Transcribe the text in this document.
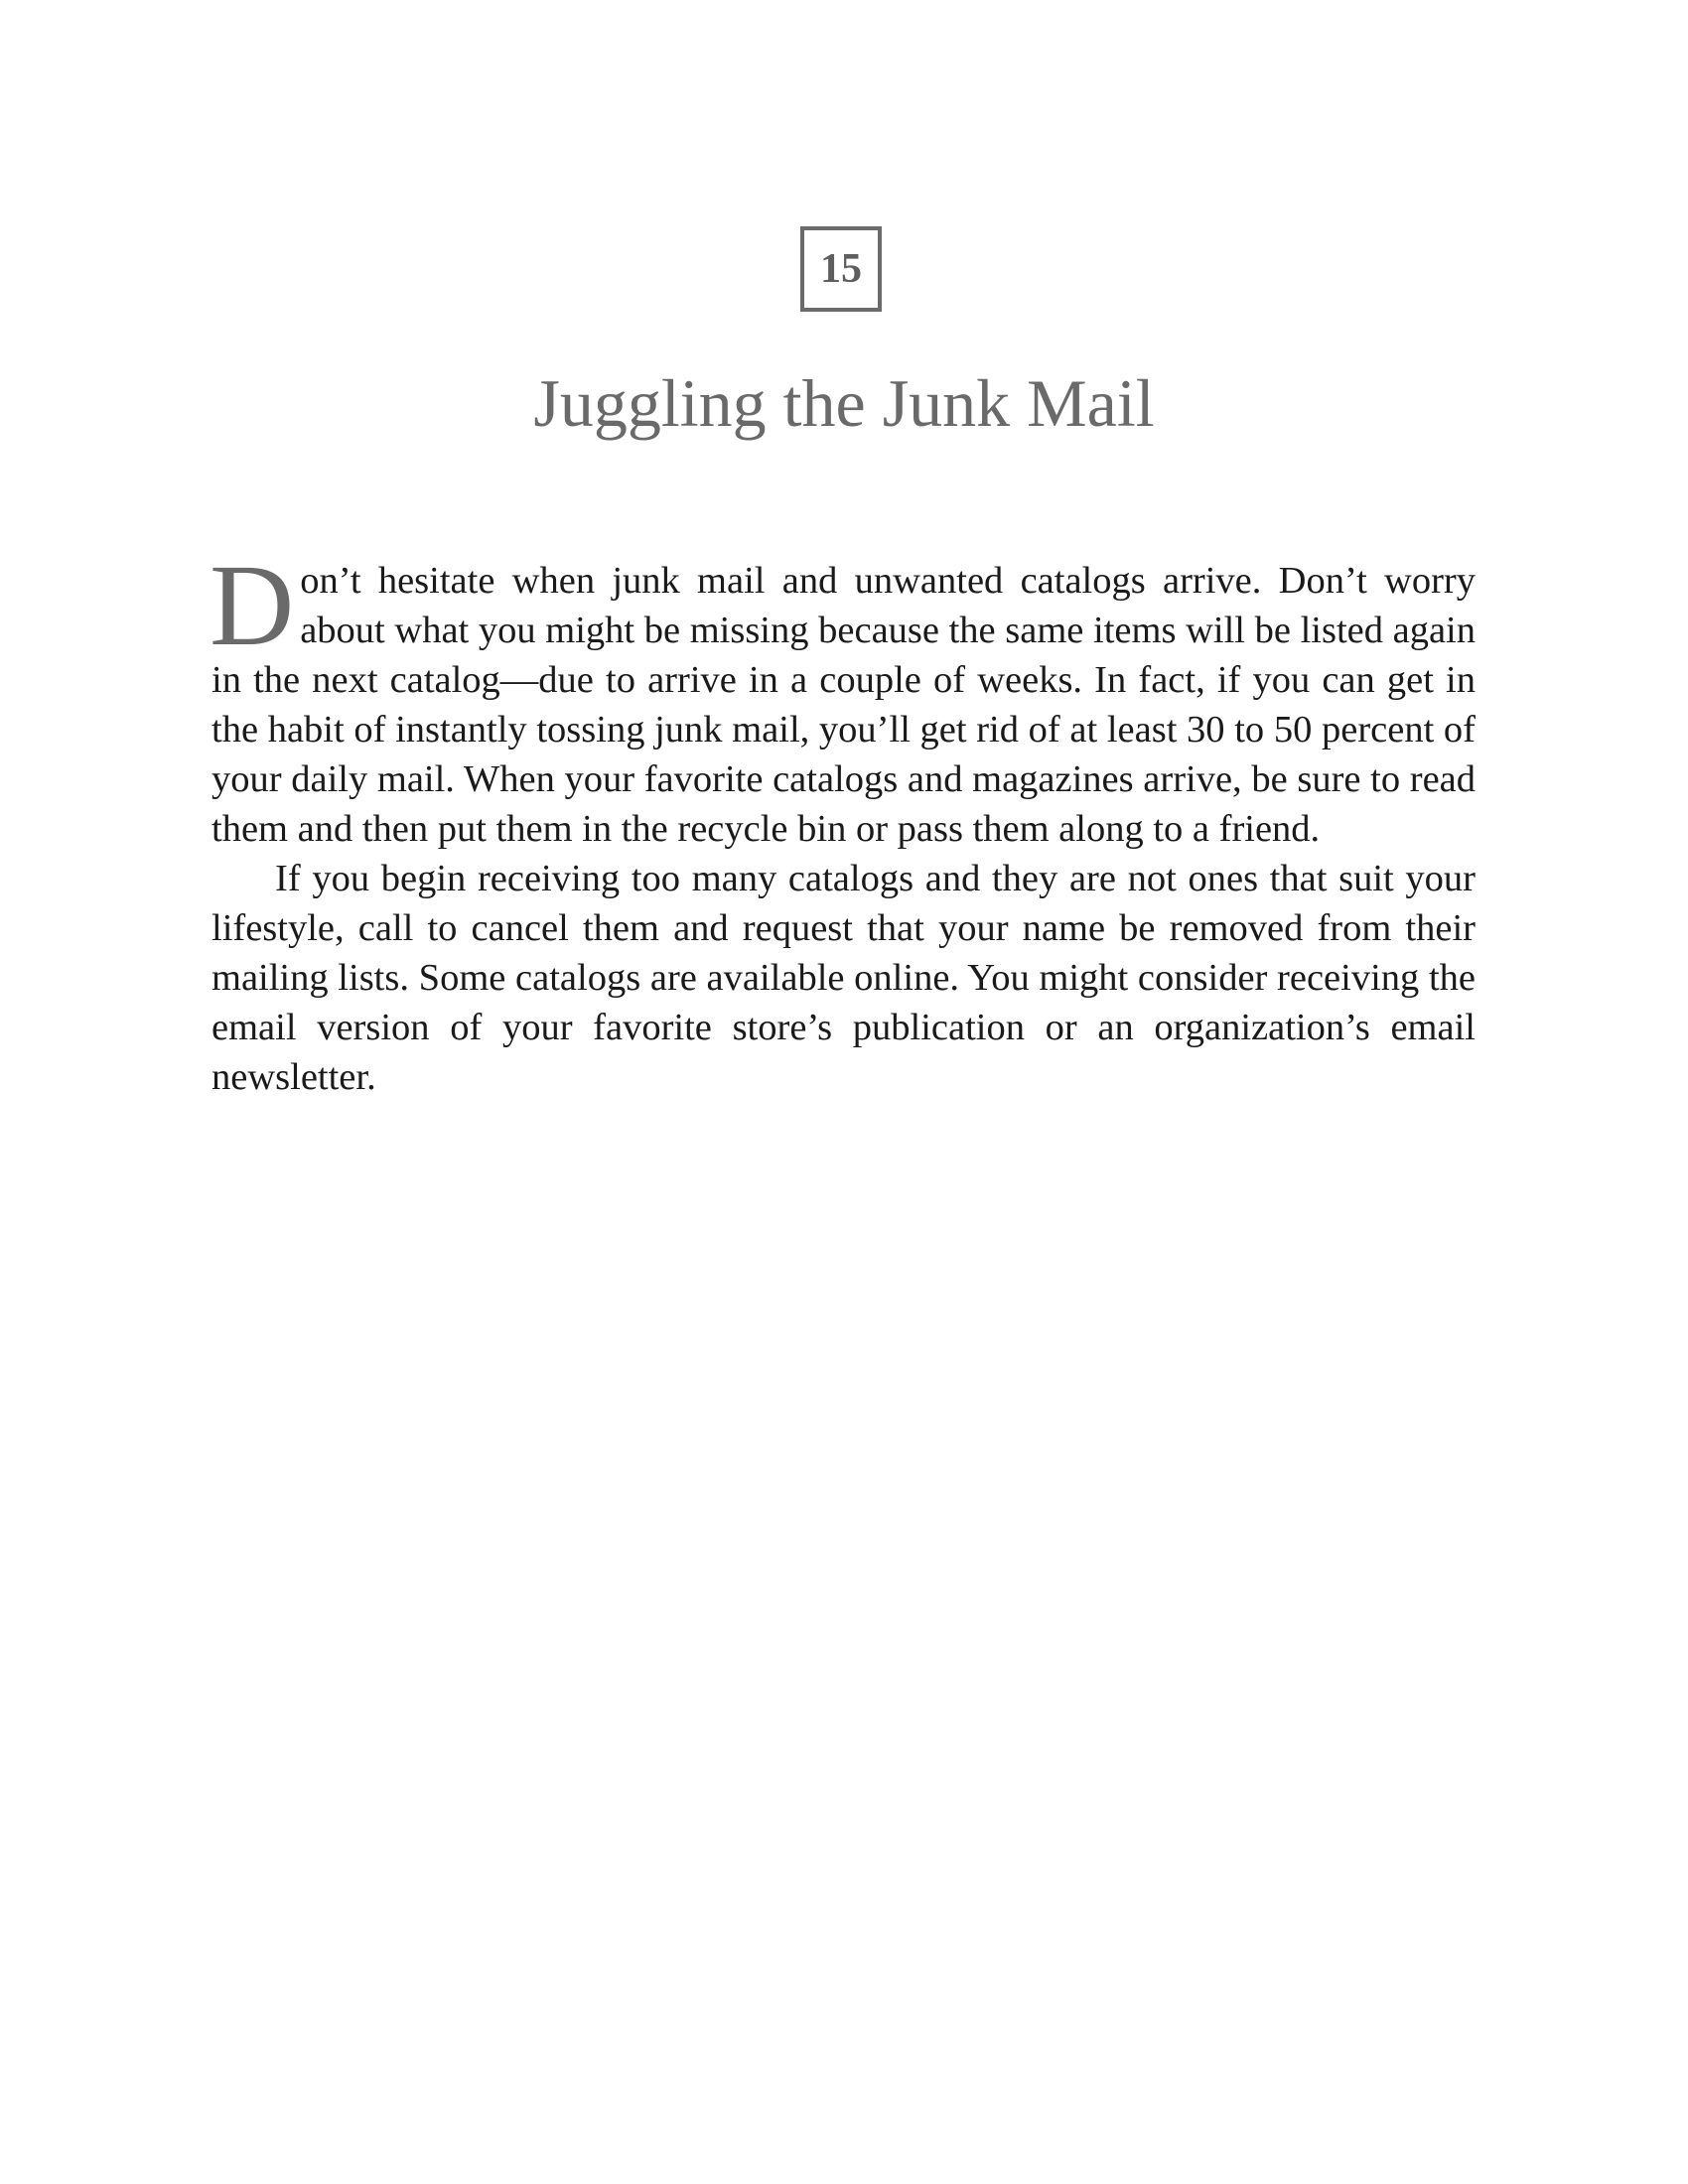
15
Juggling the Junk Mail

Don’t hesitate when junk mail and unwanted catalogs arrive. Don’t worry about what you might be missing because the same items will be listed again in the next catalog—due to arrive in a couple of weeks. In fact, if you can get in the habit of instantly tossing junk mail, you’ll get rid of at least 30 to 50 percent of your daily mail. When your favorite catalogs and magazines arrive, be sure to read them and then put them in the recycle bin or pass them along to a friend.

If you begin receiving too many catalogs and they are not ones that suit your lifestyle, call to cancel them and request that your name be removed from their mailing lists. Some catalogs are available online. You might consider receiving the email version of your favorite store’s publication or an organization’s email newsletter.
